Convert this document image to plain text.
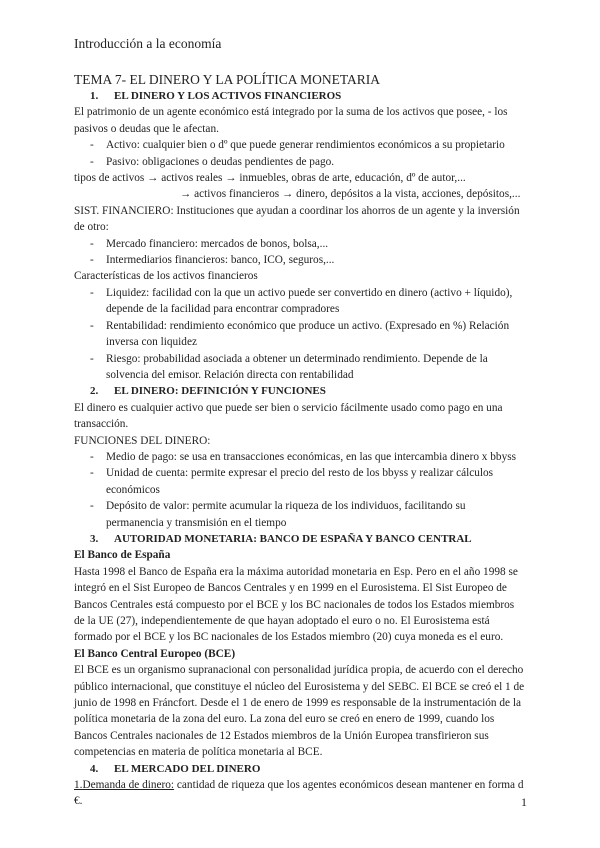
Introducción a la economía

TEMA 7- EL DINERO Y LA POLÍTICA MONETARIA

1. EL DINERO Y LOS ACTIVOS FINANCIEROS

El patrimonio de un agente económico está integrado por la suma de los activos que posee, - los pasivos o deudas que le afectan.

- Activo: cualquier bien o dº que puede generar rendimientos económicos a su propietario
- Pasivo: obligaciones o deudas pendientes de pago.

tipos de activos → activos reales → inmuebles, obras de arte, educación, dº de autor,...

→ activos financieros → dinero, depósitos a la vista, acciones, depósitos,...

SIST. FINANCIERO: Instituciones que ayudan a coordinar los ahorros de un agente y la inversión de otro:

- Mercado financiero: mercados de bonos, bolsa,...
- Intermediarios financieros: banco, ICO, seguros,...

Características de los activos financieros

- Liquidez: facilidad con la que un activo puede ser convertido en dinero (activo + líquido), depende de la facilidad para encontrar compradores
- Rentabilidad: rendimiento económico que produce un activo. (Expresado en %) Relación inversa con liquidez
- Riesgo: probabilidad asociada a obtener un determinado rendimiento. Depende de la solvencia del emisor. Relación directa con rentabilidad

2. EL DINERO: DEFINICIÓN Y FUNCIONES

El dinero es cualquier activo que puede ser bien o servicio fácilmente usado como pago en una transacción.

FUNCIONES DEL DINERO:

- Medio de pago: se usa en transacciones económicas, en las que intercambia dinero x bbyss
- Unidad de cuenta: permite expresar el precio del resto de los bbyss y realizar cálculos económicos
- Depósito de valor: permite acumular la riqueza de los individuos, facilitando su permanencia y transmisión en el tiempo

3. AUTORIDAD MONETARIA: BANCO DE ESPAÑA Y BANCO CENTRAL

El Banco de España

Hasta 1998 el Banco de España era la máxima autoridad monetaria en Esp. Pero en el año 1998 se integró en el Sist Europeo de Bancos Centrales y en 1999 en el Eurosistema. El Sist Europeo de Bancos Centrales está compuesto por el BCE y los BC nacionales de todos los Estados miembros de la UE (27), independientemente de que hayan adoptado el euro o no. El Eurosistema está formado por el BCE y los BC nacionales de los Estados miembro (20) cuya moneda es el euro.

El Banco Central Europeo (BCE)

El BCE es un organismo supranacional con personalidad jurídica propia, de acuerdo con el derecho público internacional, que constituye el núcleo del Eurosistema y del SEBC. El BCE se creó el 1 de junio de 1998 en Fráncfort. Desde el 1 de enero de 1999 es responsable de la instrumentación de la política monetaria de la zona del euro. La zona del euro se creó en enero de 1999, cuando los Bancos Centrales nacionales de 12 Estados miembros de la Unión Europea transfirieron sus competencias en materia de política monetaria al BCE.

4. EL MERCADO DEL DINERO

1.Demanda de dinero: cantidad de riqueza que los agentes económicos desean mantener en forma d €.	1
